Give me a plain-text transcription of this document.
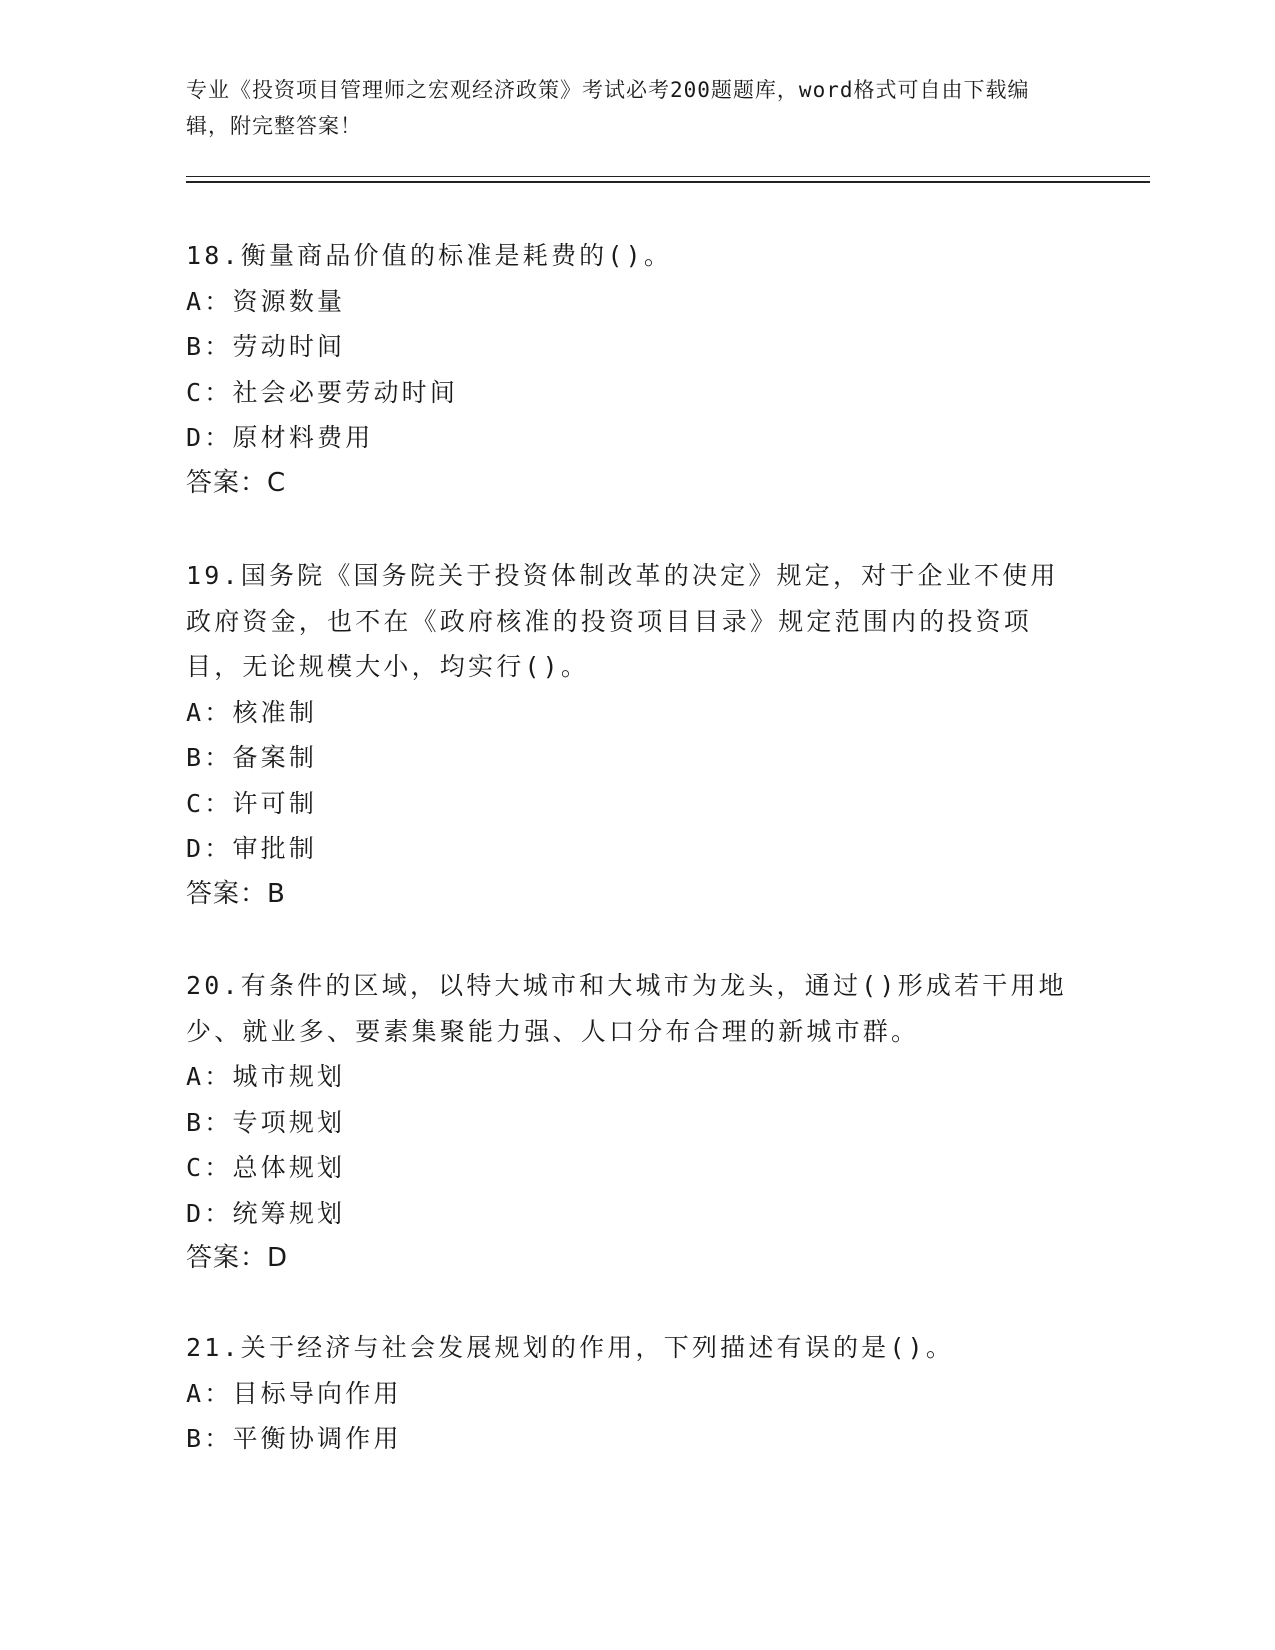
专业《投资项目管理师之宏观经济政策》考试必考200题题库，word格式可自由下载编辑，附完整答案！
18.衡量商品价值的标准是耗费的()。
A：资源数量
B：劳动时间
C：社会必要劳动时间
D：原材料费用
答案：C
19.国务院《国务院关于投资体制改革的决定》规定，对于企业不使用政府资金，也不在《政府核准的投资项目目录》规定范围内的投资项目，无论规模大小，均实行()。
A：核准制
B：备案制
C：许可制
D：审批制
答案：B
20.有条件的区域，以特大城市和大城市为龙头，通过()形成若干用地少、就业多、要素集聚能力强、人口分布合理的新城市群。
A：城市规划
B：专项规划
C：总体规划
D：统筹规划
答案：D
21.关于经济与社会发展规划的作用，下列描述有误的是()。
A：目标导向作用
B：平衡协调作用
